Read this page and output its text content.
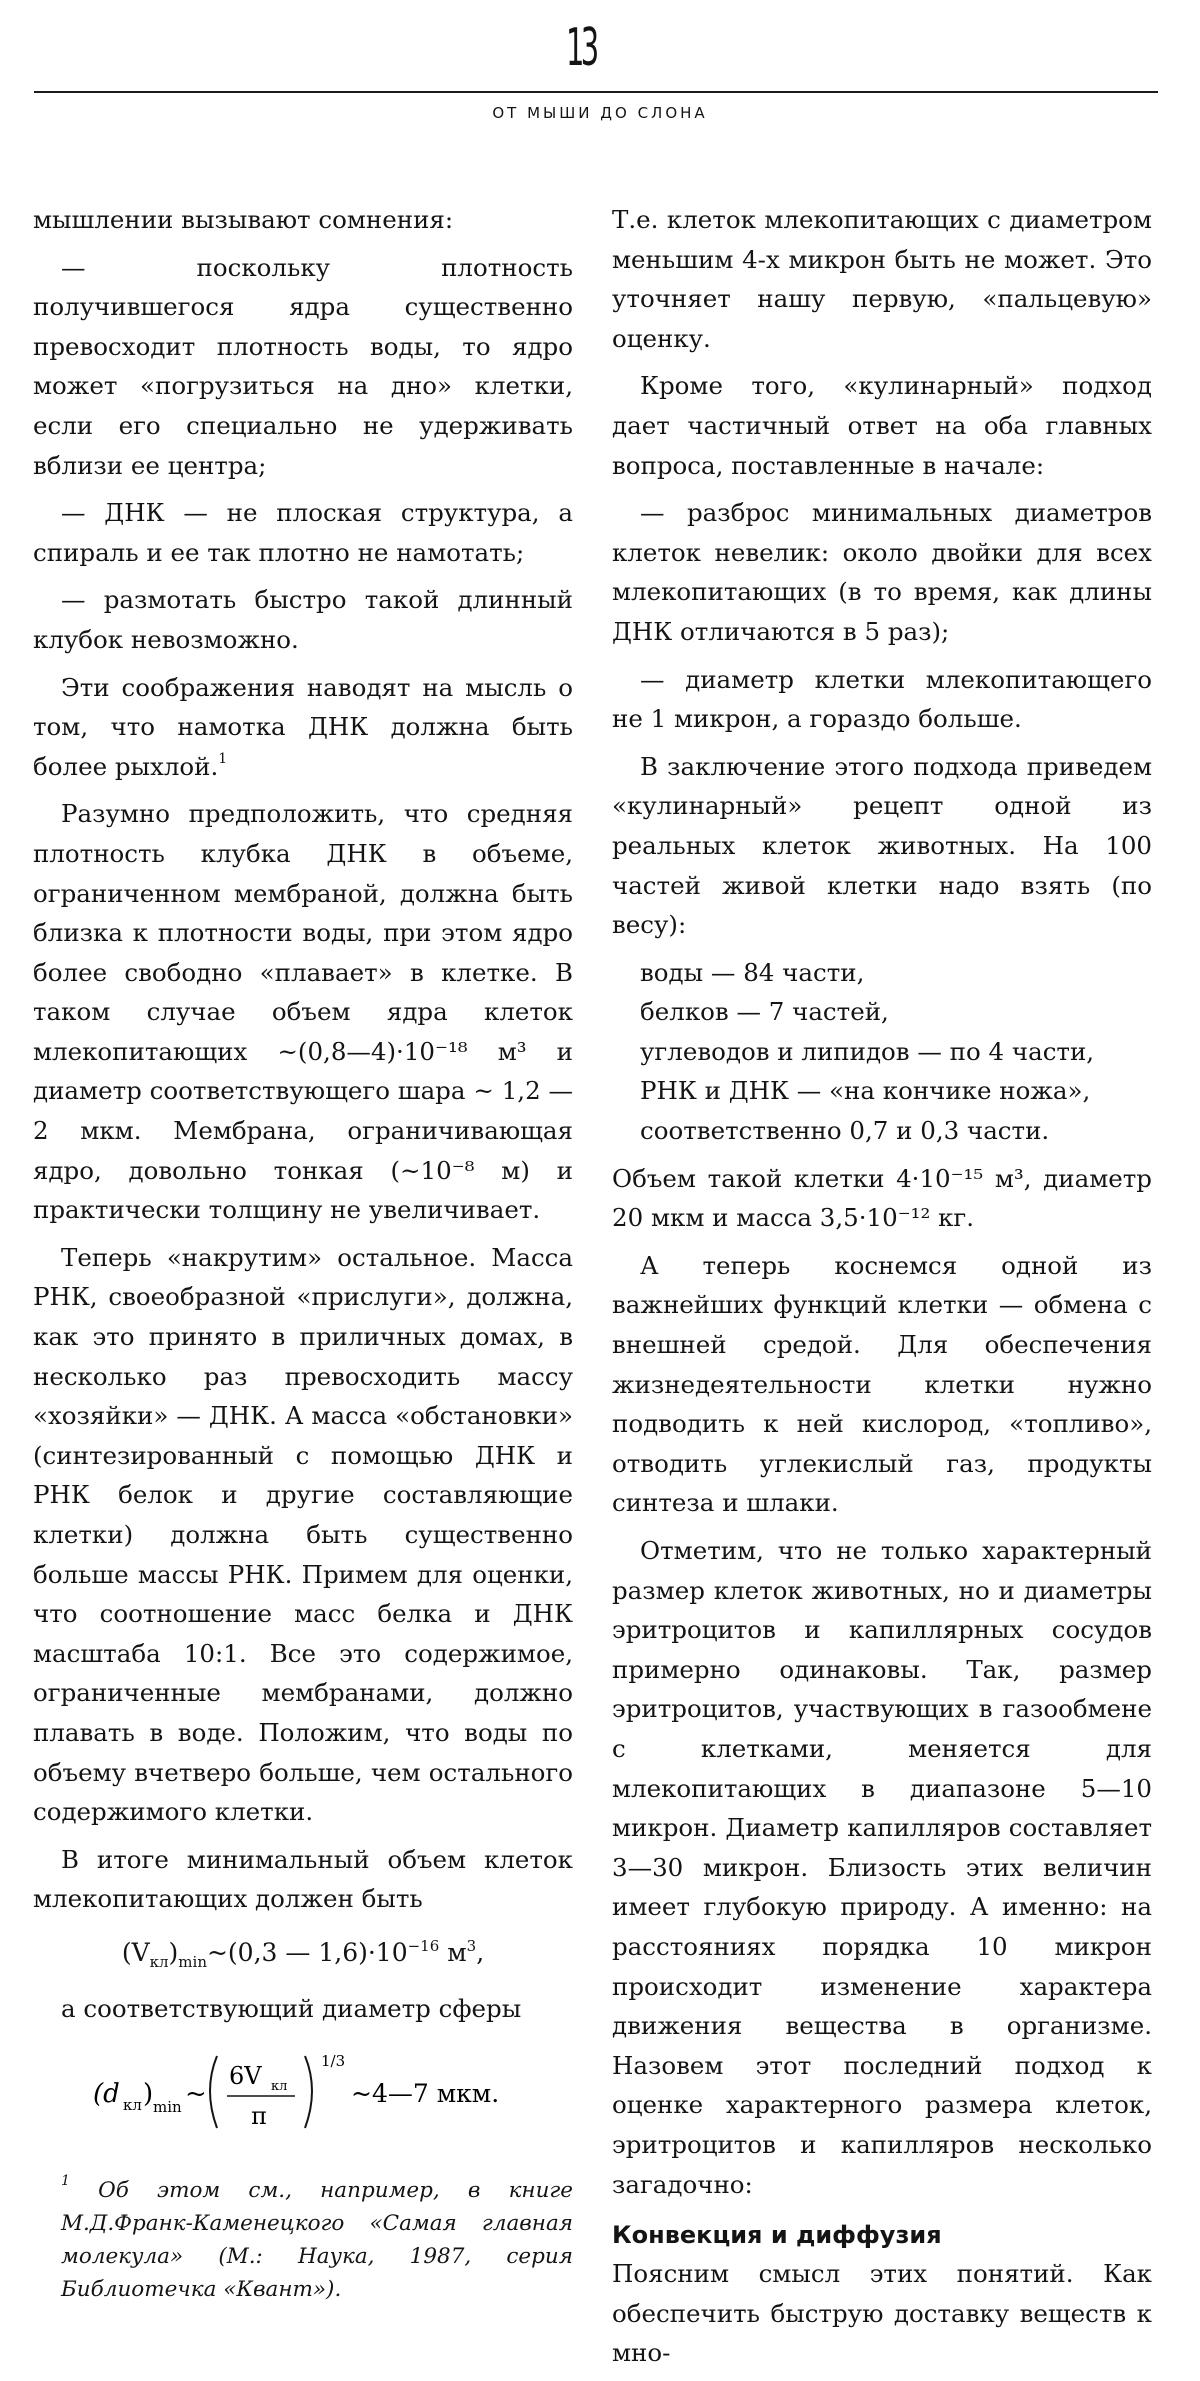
13
ОТ МЫШИ ДО СЛОНА

мышлении вызывают сомнения:

— поскольку плотность получившегося ядра существенно превосходит плотность воды, то ядро может «погрузиться на дно» клетки, если его специально не удерживать вблизи ее центра;

— ДНК — не плоская структура, а спираль и ее так плотно не намотать;

— размотать быстро такой длинный клубок невозможно.

Эти соображения наводят на мысль о том, что намотка ДНК должна быть более рыхлой.$^1$

Разумно предположить, что средняя плотность клубка ДНК в объеме, ограниченном мембраной, должна быть близка к плотности воды, при этом ядро более свободно «плавает» в клетке. В таком случае объем ядра клеток млекопитающих ~(0,8—4)·10⁻¹⁸ м³ и диаметр соответствующего шара ~ 1,2 — 2 мкм. Мембрана, ограничивающая ядро, довольно тонкая (~10⁻⁸ м) и практически толщину не увеличивает.

Теперь «накрутим» остальное. Масса РНК, своеобразной «прислуги», должна, как это принято в приличных домах, в несколько раз превосходить массу «хозяйки» — ДНК. А масса «обстановки» (синтезированный с помощью ДНК и РНК белок и другие составляющие клетки) должна быть существенно больше массы РНК. Примем для оценки, что соотношение масс белка и ДНК масштаба 10:1. Все это содержимое, ограниченные мембранами, должно плавать в воде. Положим, что воды по объему вчетверо больше, чем остального содержимого клетки.

В итоге минимальный объем клеток млекопитающих должен быть

$(V_{кл})_{min}\sim(0,3$ — $1,6)\cdot 10^{-16}$ $м^3$,

а соответствующий диаметр сферы

(d кл ) min ~
6V кл
π
1/3
~4—7 мкм.
$^1$ Об этом см., например, в книге М.Д.Франк-Каменецкого «Самая главная молекула» (М.: Наука, 1987, серия Библиотечка «Квант»).

Т.е. клеток млекопитающих с диаметром меньшим 4-х микрон быть не может. Это уточняет нашу первую, «пальцевую» оценку.

Кроме того, «кулинарный» подход дает частичный ответ на оба главных вопроса, поставленные в начале:

— разброс минимальных диаметров клеток невелик: около двойки для всех млекопитающих (в то время, как длины ДНК отличаются в 5 раз);

— диаметр клетки млекопитающего не 1 микрон, а гораздо больше.

В заключение этого подхода приведем «кулинарный» рецепт одной из реальных клеток животных. На 100 частей живой клетки надо взять (по весу):

воды — 84 части,
белков — 7 частей,
углеводов и липидов — по 4 части,
РНК и ДНК — «на кончике ножа», соответственно 0,7 и 0,3 части.

Объем такой клетки 4·10⁻¹⁵ м³, диаметр 20 мкм и масса 3,5·10⁻¹² кг.

А теперь коснемся одной из важнейших функций клетки — обмена с внешней средой. Для обеспечения жизнедеятельности клетки нужно подводить к ней кислород, «топливо», отводить углекислый газ, продукты синтеза и шлаки.

Отметим, что не только характерный размер клеток животных, но и диаметры эритроцитов и капиллярных сосудов примерно одинаковы. Так, размер эритроцитов, участвующих в газообмене с клетками, меняется для млекопитающих в диапазоне 5—10 микрон. Диаметр капилляров составляет 3—30 микрон. Близость этих величин имеет глубокую природу. А именно: на расстояниях порядка 10 микрон происходит изменение характера движения вещества в организме. Назовем этот последний подход к оценке характерного размера клеток, эритроцитов и капилляров несколько загадочно:

Конвекция и диффузия

Поясним смысл этих понятий. Как обеспечить быструю доставку веществ к мно-
